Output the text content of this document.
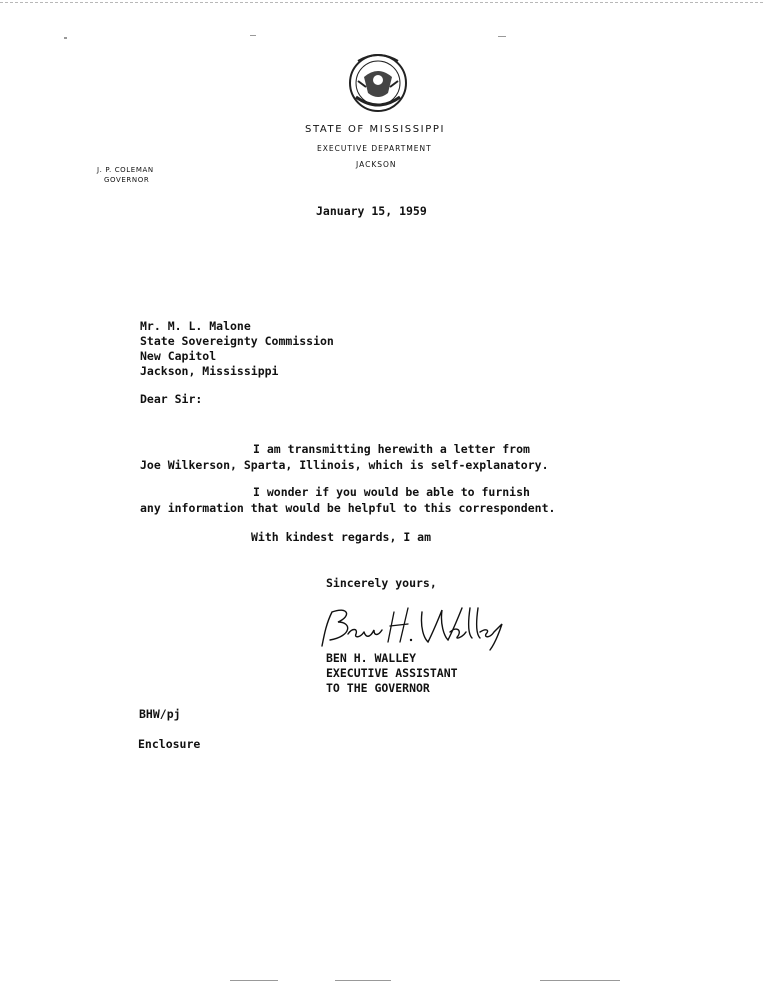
STATE OF MISSISSIPPI
EXECUTIVE DEPARTMENT
JACKSON
J. P. COLEMAN
GOVERNOR
January 15, 1959
Mr. M. L. Malone
State Sovereignty Commission
New Capitol
Jackson, Mississippi
Dear Sir:
I am transmitting herewith a letter from
Joe Wilkerson, Sparta, Illinois, which is self-explanatory.
I wonder if you would be able to furnish
any information that would be helpful to this correspondent.
With kindest regards, I am
Sincerely yours,
BEN H. WALLEY
EXECUTIVE ASSISTANT
TO THE GOVERNOR
BHW/pj
Enclosure
